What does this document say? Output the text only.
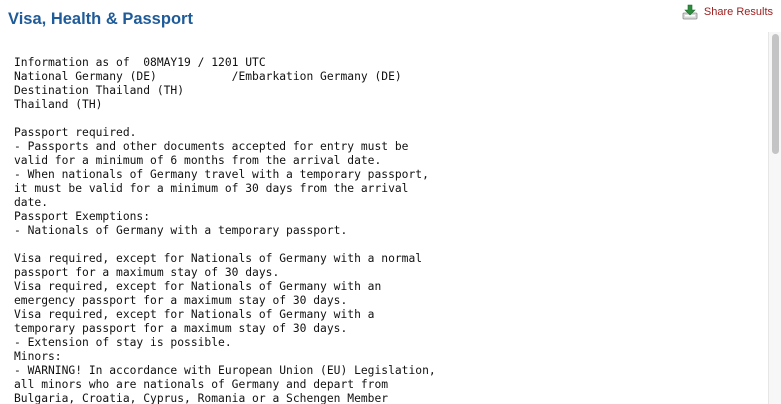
Visa, Health & Passport	Share Results
Information as of  08MAY19 / 1201 UTC
National Germany (DE)           /Embarkation Germany (DE)
Destination Thailand (TH)
Thailand (TH)

Passport required.
- Passports and other documents accepted for entry must be
valid for a minimum of 6 months from the arrival date.
- When nationals of Germany travel with a temporary passport,
it must be valid for a minimum of 30 days from the arrival
date.
Passport Exemptions:
- Nationals of Germany with a temporary passport.

Visa required, except for Nationals of Germany with a normal
passport for a maximum stay of 30 days.
Visa required, except for Nationals of Germany with an
emergency passport for a maximum stay of 30 days.
Visa required, except for Nationals of Germany with a
temporary passport for a maximum stay of 30 days.
- Extension of stay is possible.
Minors:
- WARNING! In accordance with European Union (EU) Legislation,
all minors who are nationals of Germany and depart from
Bulgaria, Croatia, Cyprus, Romania or a Schengen Member
